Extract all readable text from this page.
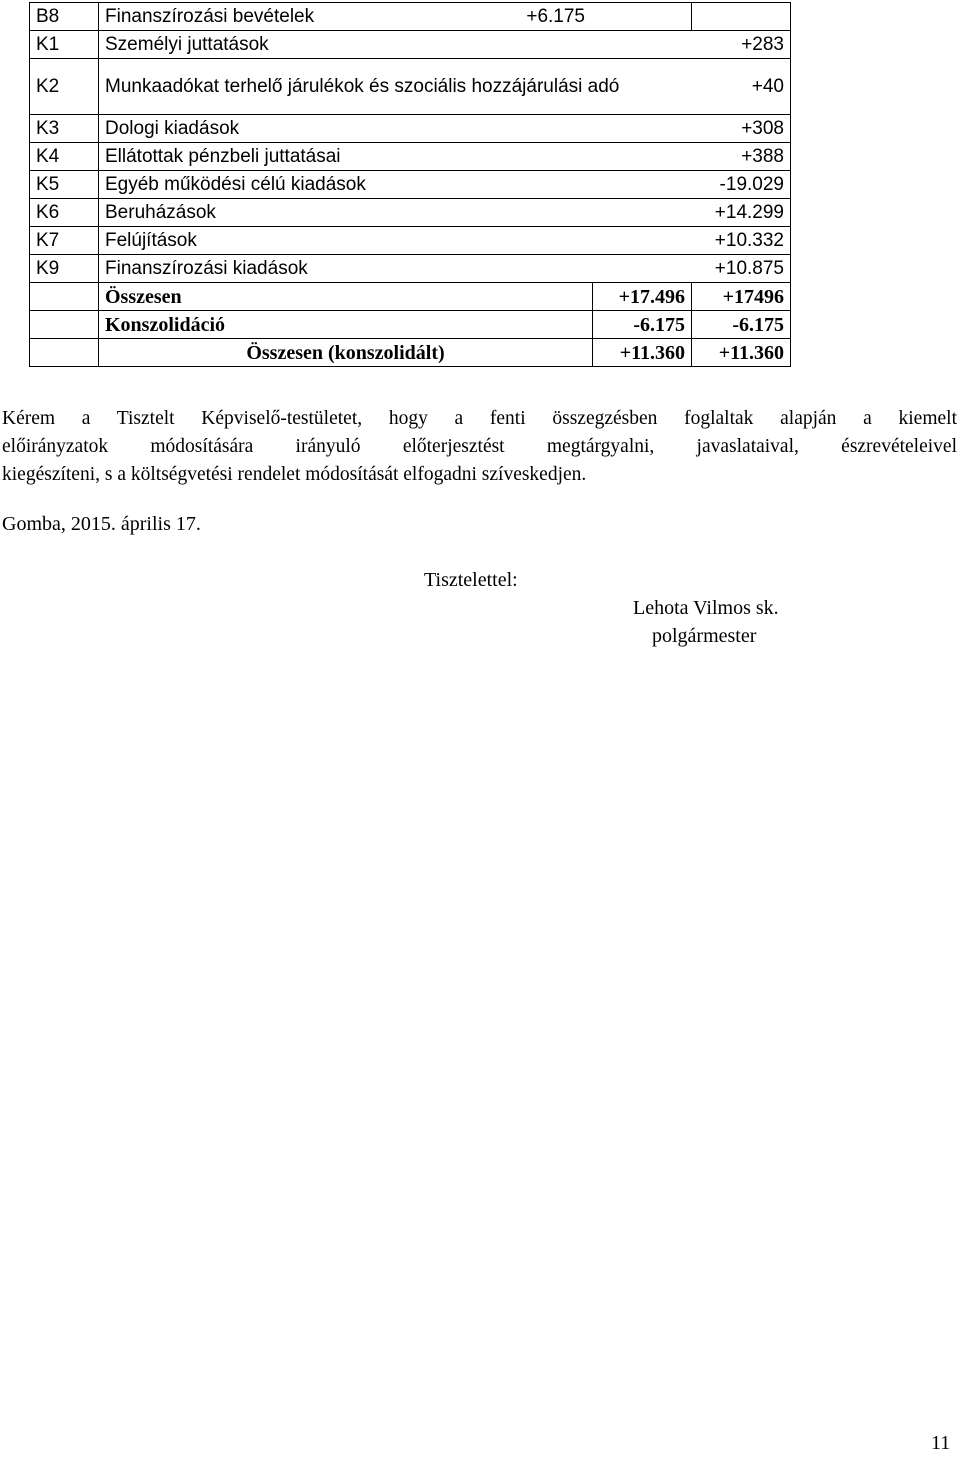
B8	Finanszírozási bevételek +6.175		

K1	Személyi juttatások +283		

K2	Munkaadókat terhelő járulékok és szociális hozzájárulási adó +40		

K3	Dologi kiadások +308		

K4	Ellátottak pénzbeli juttatásai +388		

K5	Egyéb működési célú kiadások -19.029		

K6	Beruházások +14.299		

K7	Felújítások +10.332		

K9	Finanszírozási kiadások +10.875		

	Összesen	+17.496	+17496
	Konszolidáció	-6.175	-6.175
	Összesen (konszolidált)	+11.360	+11.360
Kérem a Tisztelt Képviselő-testületet, hogy a fenti összegzésben foglaltak alapján a kiemelt
előirányzatok módosítására irányuló előterjesztést megtárgyalni, javaslataival, észrevételeivel
kiegészíteni, s a költségvetési rendelet módosítását elfogadni szíveskedjen.
Gomba, 2015. április 17.
Tisztelettel:
Lehota Vilmos sk.
polgármester
11
